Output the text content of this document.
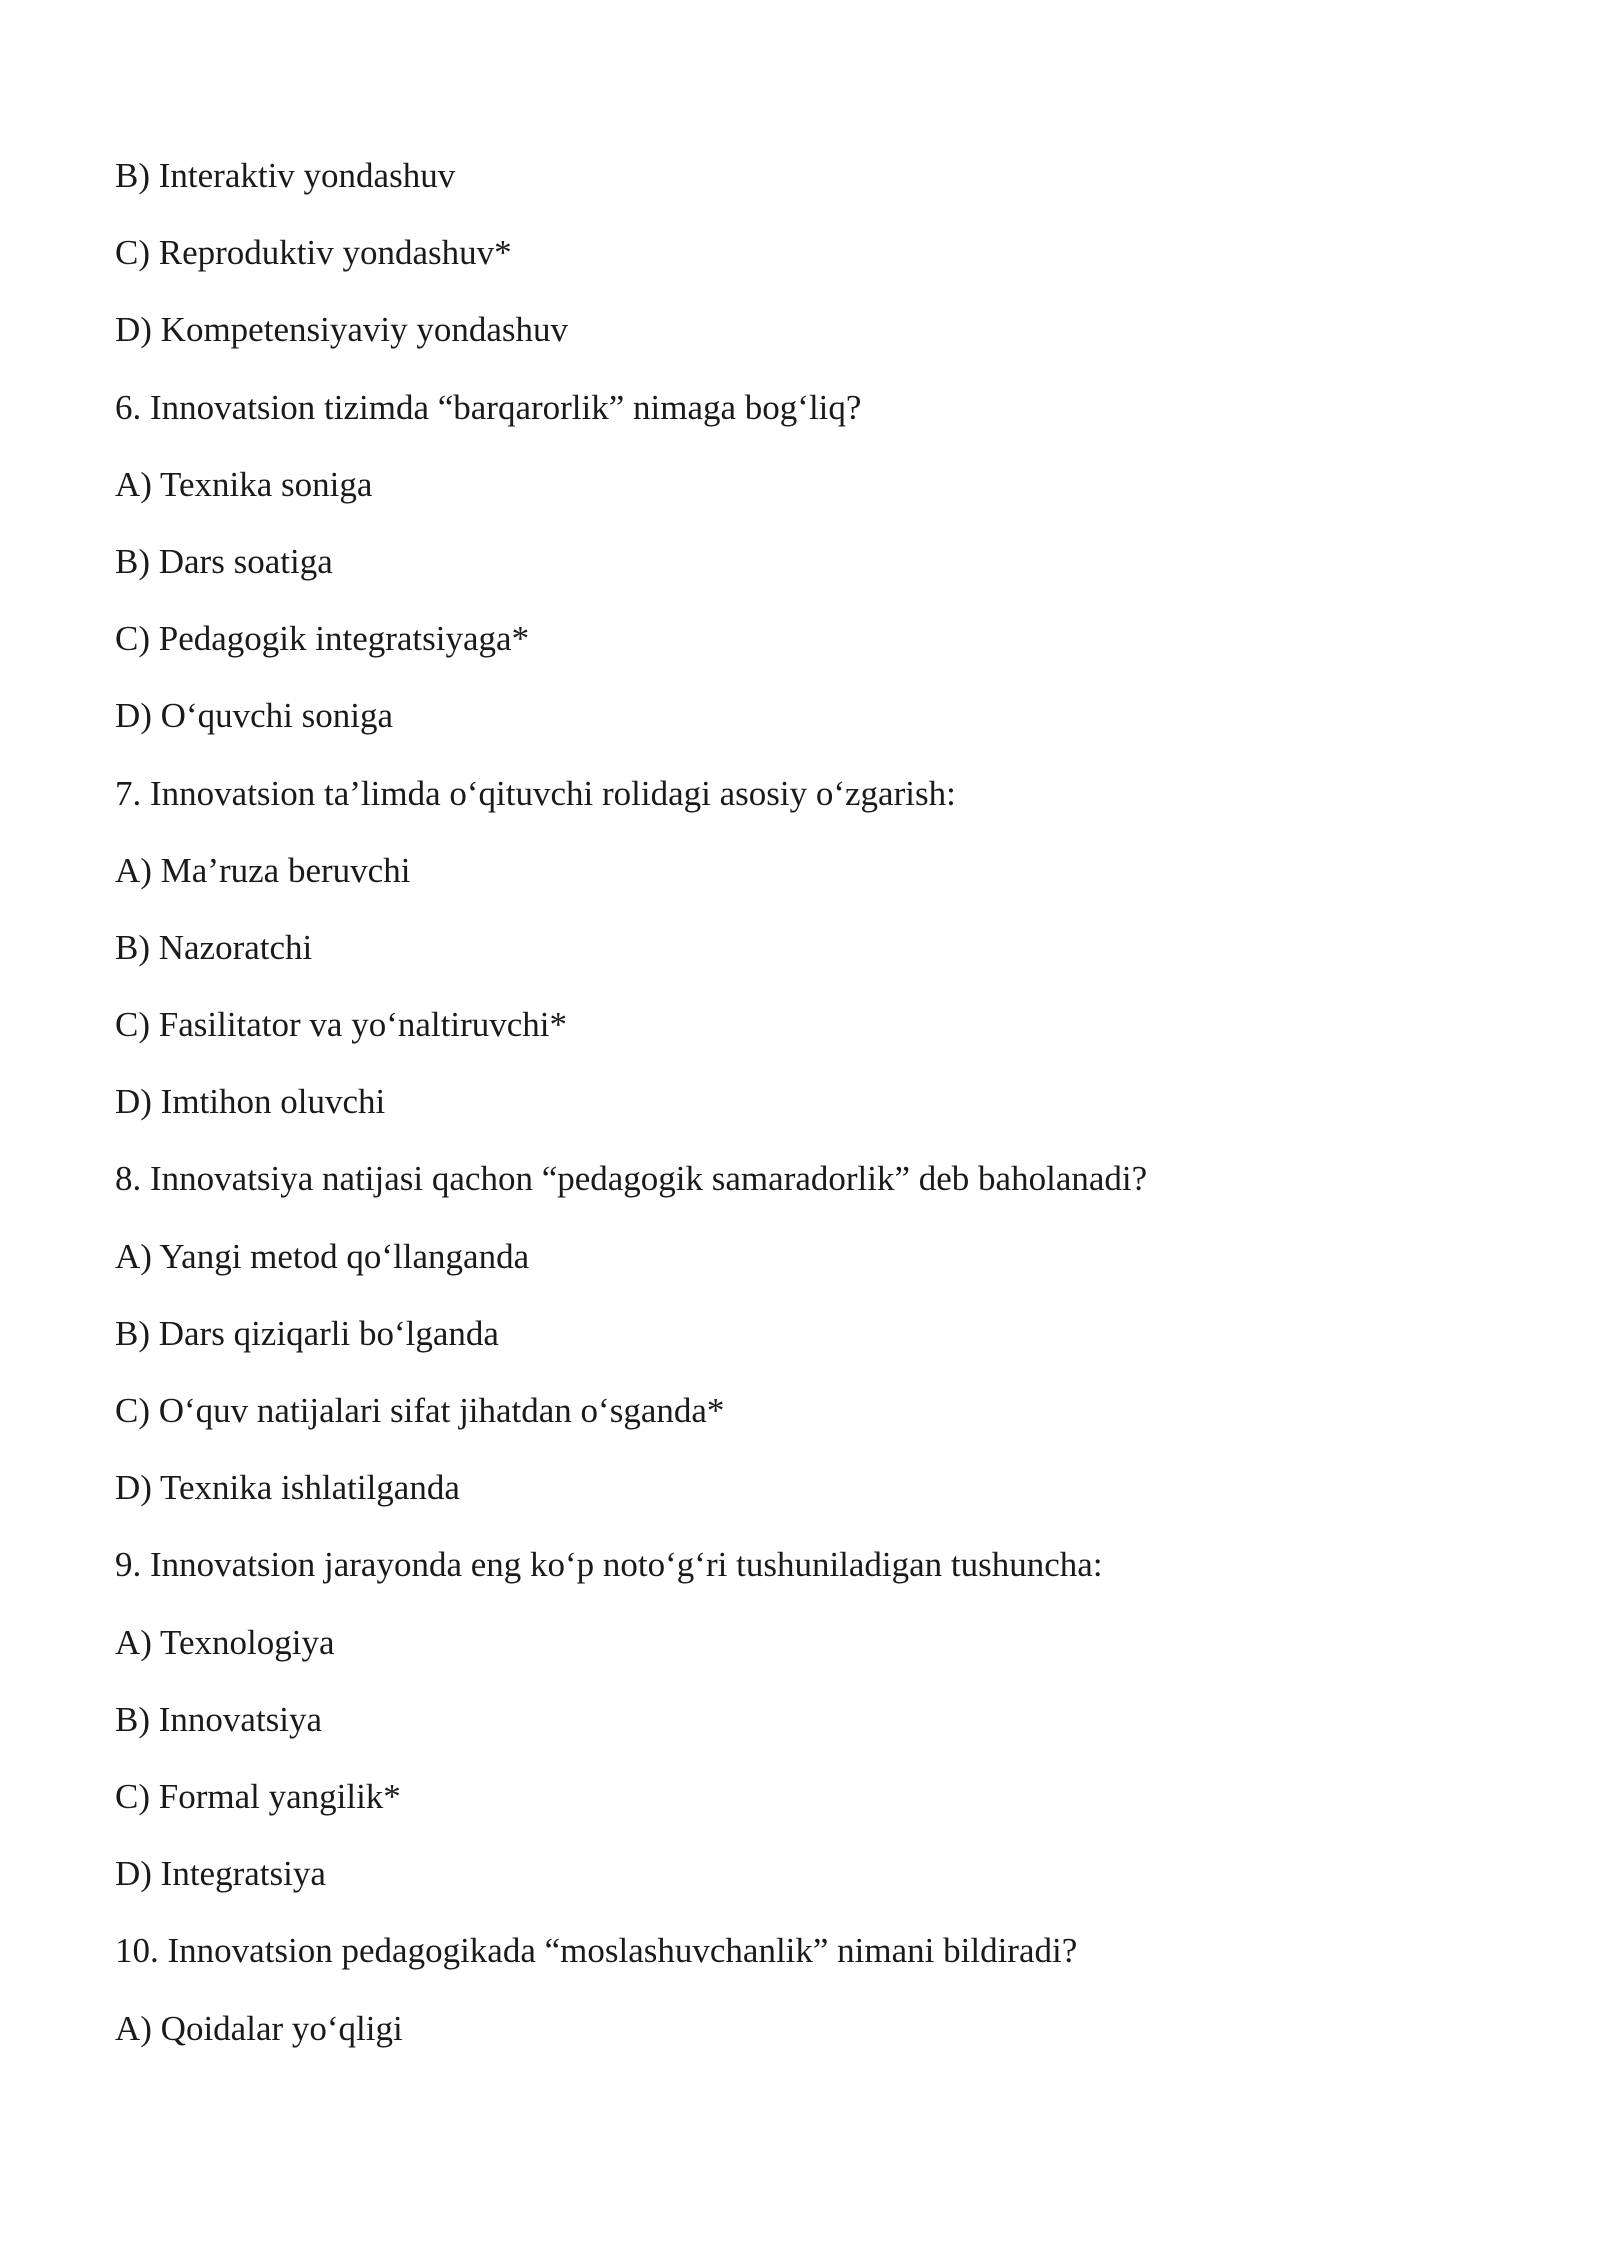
B) Interaktiv yondashuv
C) Reproduktiv yondashuv*
D) Kompetensiyaviy yondashuv
6. Innovatsion tizimda “barqarorlik” nimaga bog‘liq?
A) Texnika soniga
B) Dars soatiga
C) Pedagogik integratsiyaga*
D) O‘quvchi soniga
7. Innovatsion ta’limda o‘qituvchi rolidagi asosiy o‘zgarish:
A) Ma’ruza beruvchi
B) Nazoratchi
C) Fasilitator va yo‘naltiruvchi*
D) Imtihon oluvchi
8. Innovatsiya natijasi qachon “pedagogik samaradorlik” deb baholanadi?
A) Yangi metod qo‘llanganda
B) Dars qiziqarli bo‘lganda
C) O‘quv natijalari sifat jihatdan o‘sganda*
D) Texnika ishlatilganda
9. Innovatsion jarayonda eng ko‘p noto‘g‘ri tushuniladigan tushuncha:
A) Texnologiya
B) Innovatsiya
C) Formal yangilik*
D) Integratsiya
10. Innovatsion pedagogikada “moslashuvchanlik” nimani bildiradi?
A) Qoidalar yo‘qligi
